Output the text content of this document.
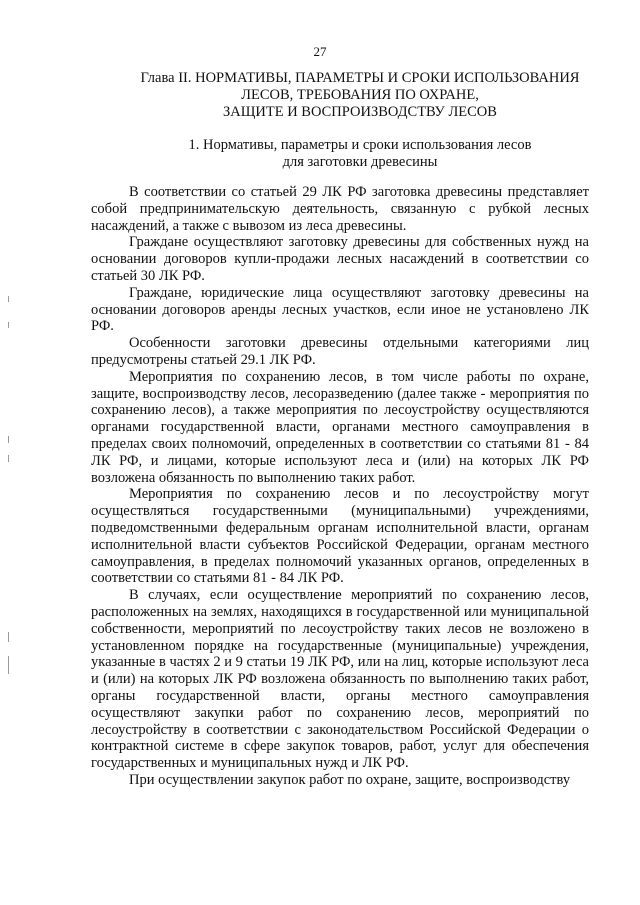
27
Глава II. НОРМАТИВЫ, ПАРАМЕТРЫ И СРОКИ ИСПОЛЬЗОВАНИЯ
ЛЕСОВ, ТРЕБОВАНИЯ ПО ОХРАНЕ,
ЗАЩИТЕ И ВОСПРОИЗВОДСТВУ ЛЕСОВ
1. Нормативы, параметры и сроки использования лесов
для заготовки древесины

В соответствии со статьей 29 ЛК РФ заготовка древесины представляет собой предпринимательскую деятельность, связанную с рубкой лесных насаждений, а также с вывозом из леса древесины.

Граждане осуществляют заготовку древесины для собственных нужд на основании договоров купли-продажи лесных насаждений в соответствии со статьей 30 ЛК РФ.

Граждане, юридические лица осуществляют заготовку древесины на основании договоров аренды лесных участков, если иное не установлено ЛК РФ.

Особенности заготовки древесины отдельными категориями лиц предусмотрены статьей 29.1 ЛК РФ.

Мероприятия по сохранению лесов, в том числе работы по охране, защите, воспроизводству лесов, лесоразведению (далее также - мероприятия по сохранению лесов), а также мероприятия по лесоустройству осуществляются органами государственной власти, органами местного самоуправления в пределах своих полномочий, определенных в соответствии со статьями 81 - 84 ЛК РФ, и лицами, которые используют леса и (или) на которых ЛК РФ возложена обязанность по выполнению таких работ.

Мероприятия по сохранению лесов и по лесоустройству могут осуществляться государственными (муниципальными) учреждениями, подведомственными федеральным органам исполнительной власти, органам исполнительной власти субъектов Российской Федерации, органам местного самоуправления, в пределах полномочий указанных органов, определенных в соответствии со статьями 81 - 84 ЛК РФ.

В случаях, если осуществление мероприятий по сохранению лесов, расположенных на землях, находящихся в государственной или муниципальной собственности, мероприятий по лесоустройству таких лесов не возложено в установленном порядке на государственные (муниципальные) учреждения, указанные в частях 2 и 9 статьи 19 ЛК РФ, или на лиц, которые используют леса и (или) на которых ЛК РФ возложена обязанность по выполнению таких работ, органы государственной власти, органы местного самоуправления осуществляют закупки работ по сохранению лесов, мероприятий по лесоустройству в соответствии с законодательством Российской Федерации о контрактной системе в сфере закупок товаров, работ, услуг для обеспечения государственных и муниципальных нужд и ЛК РФ.

При осуществлении закупок работ по охране, защите, воспроизводству
